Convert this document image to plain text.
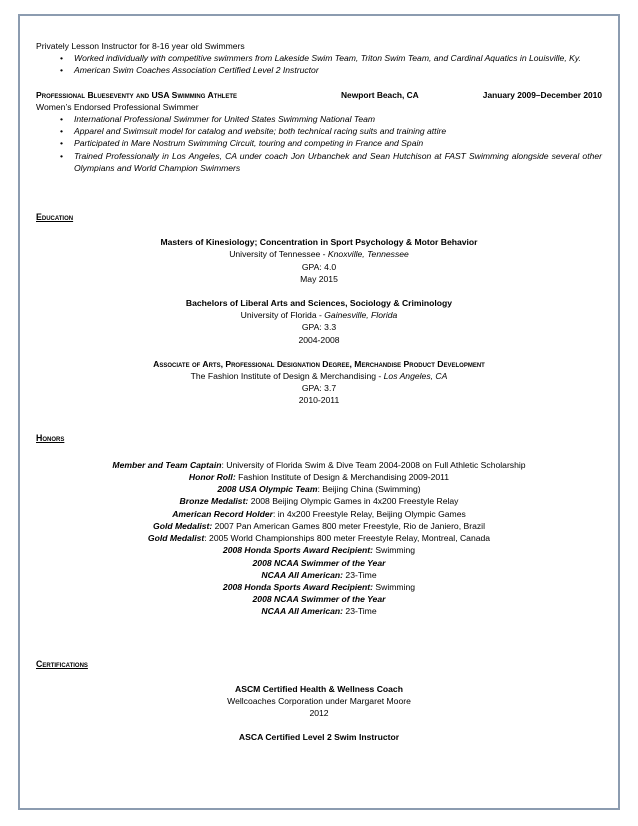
Privately Lesson Instructor for 8-16 year old Swimmers
• Worked individually with competitive swimmers from Lakeside Swim Team, Triton Swim Team, and Cardinal Aquatics in Louisville, Ky.
• American Swim Coaches Association Certified Level 2 Instructor
Professional Blueseventy and USA Swimming Athlete	Newport Beach, CA	January 2009–December 2010
Women’s Endorsed Professional Swimmer
• International Professional Swimmer for United States Swimming National Team
• Apparel and Swimsuit model for catalog and website; both technical racing suits and training attire
• Participated in Mare Nostrum Swimming Circuit, touring and competing in France and Spain
• Trained Professionally in Los Angeles, CA under coach Jon Urbanchek and Sean Hutchison at FAST Swimming alongside several other Olympians and World Champion Swimmers
Education
Masters of Kinesiology; Concentration in Sport Psychology & Motor Behavior
University of Tennessee - Knoxville, Tennessee
GPA: 4.0
May 2015
Bachelors of Liberal Arts and Sciences, Sociology & Criminology
University of Florida - Gainesville, Florida
GPA: 3.3
2004-2008
Associate of Arts, Professional Designation Degree, Merchandise Product Development
The Fashion Institute of Design & Merchandising - Los Angeles, CA
GPA: 3.7
2010-2011
Honors
Member and Team Captain: University of Florida Swim & Dive Team 2004-2008 on Full Athletic Scholarship
Honor Roll: Fashion Institute of Design & Merchandising 2009-2011
2008 USA Olympic Team: Beijing China (Swimming)
Bronze Medalist: 2008 Beijing Olympic Games in 4x200 Freestyle Relay
American Record Holder: in 4x200 Freestyle Relay, Beijing Olympic Games
Gold Medalist: 2007 Pan American Games 800 meter Freestyle, Rio de Janiero, Brazil
Gold Medalist: 2005 World Championships 800 meter Freestyle Relay, Montreal, Canada
2008 Honda Sports Award Recipient: Swimming
2008 NCAA Swimmer of the Year
NCAA All American: 23-Time
2008 Honda Sports Award Recipient: Swimming
2008 NCAA Swimmer of the Year
NCAA All American: 23-Time
Certifications
ASCM Certified Health & Wellness Coach
Wellcoaches Corporation under Margaret Moore
2012
ASCA Certified Level 2 Swim Instructor
